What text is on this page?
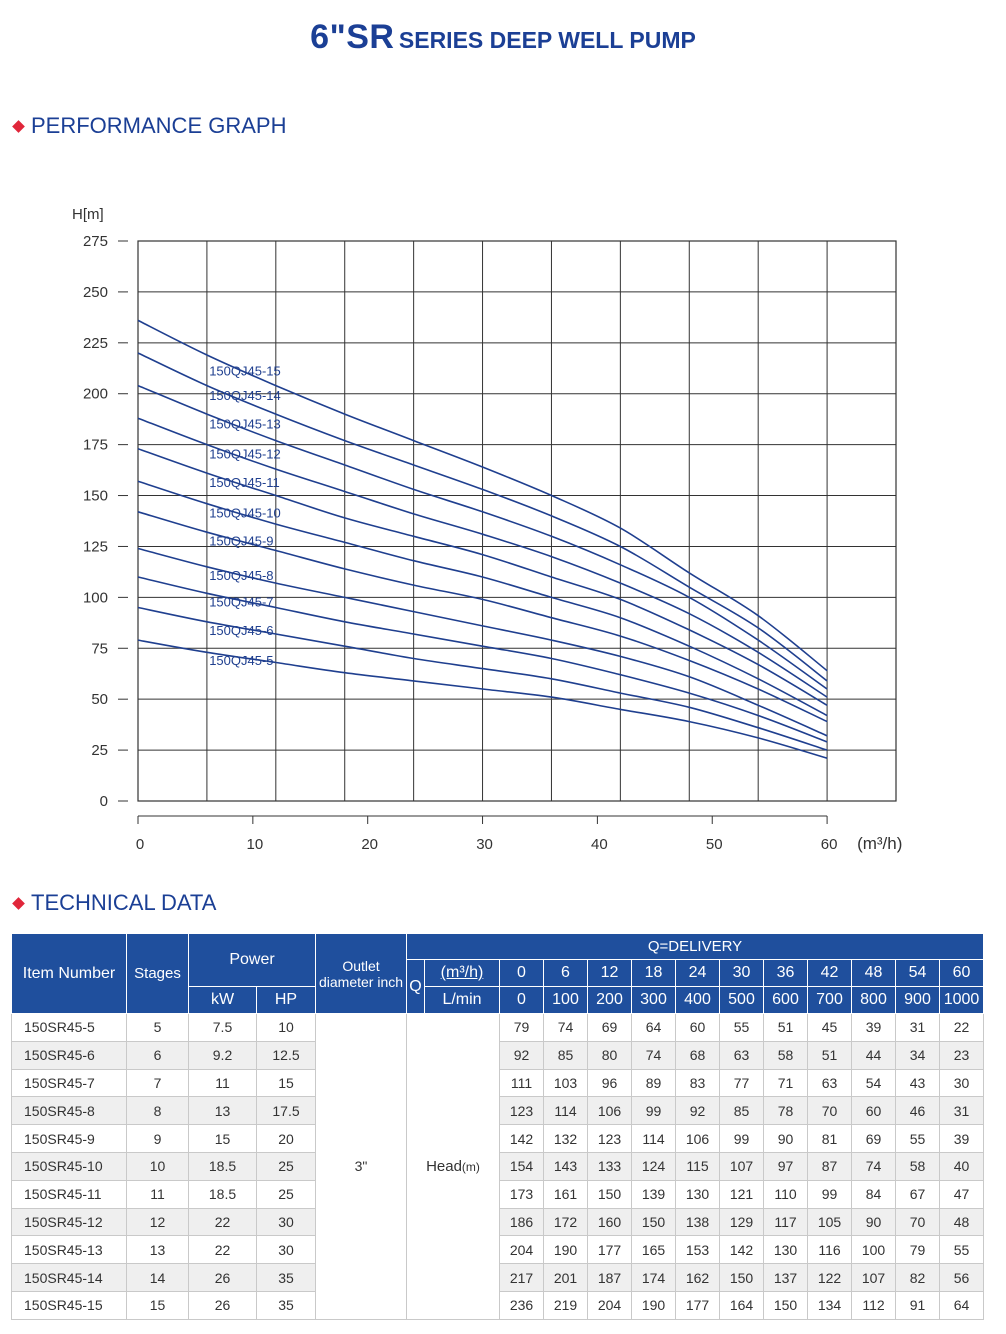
6"SR SERIES DEEP WELL PUMP
PERFORMANCE GRAPH
0
25
50
75
100
125
150
175
200
225
250
275
H[m]
0	10	20	30	40	50	60 (m³/h)
150QJ45-15
150QJ45-14
150QJ45-13
150QJ45-12
150QJ45-11
150QJ45-10
150QJ45-9
150QJ45-8
150QJ45-7
150QJ45-6
150QJ45-5
TECHNICAL DATA
Item Number	Stages	Power		Outlet diameter inch	Q=DELIVERY												
					Q	(m³/h)	0	6	12	18	24	30	36	42	48	54	60
		kW	HP			L/min	0	100	200	300	400	500	600	700	800	900	1000
150SR45-5	5	7.5	10	3"	Head(m)		79	74	69	64	60	55	51	45	39	31	22
150SR45-6	6	9.2	12.5				92	85	80	74	68	63	58	51	44	34	23
150SR45-7	7	11	15				111	103	96	89	83	77	71	63	54	43	30
150SR45-8	8	13	17.5				123	114	106	99	92	85	78	70	60	46	31
150SR45-9	9	15	20				142	132	123	114	106	99	90	81	69	55	39
150SR45-10	10	18.5	25				154	143	133	124	115	107	97	87	74	58	40
150SR45-11	11	18.5	25				173	161	150	139	130	121	110	99	84	67	47
150SR45-12	12	22	30				186	172	160	150	138	129	117	105	90	70	48
150SR45-13	13	22	30				204	190	177	165	153	142	130	116	100	79	55
150SR45-14	14	26	35				217	201	187	174	162	150	137	122	107	82	56
150SR45-15	15	26	35				236	219	204	190	177	164	150	134	112	91	64
